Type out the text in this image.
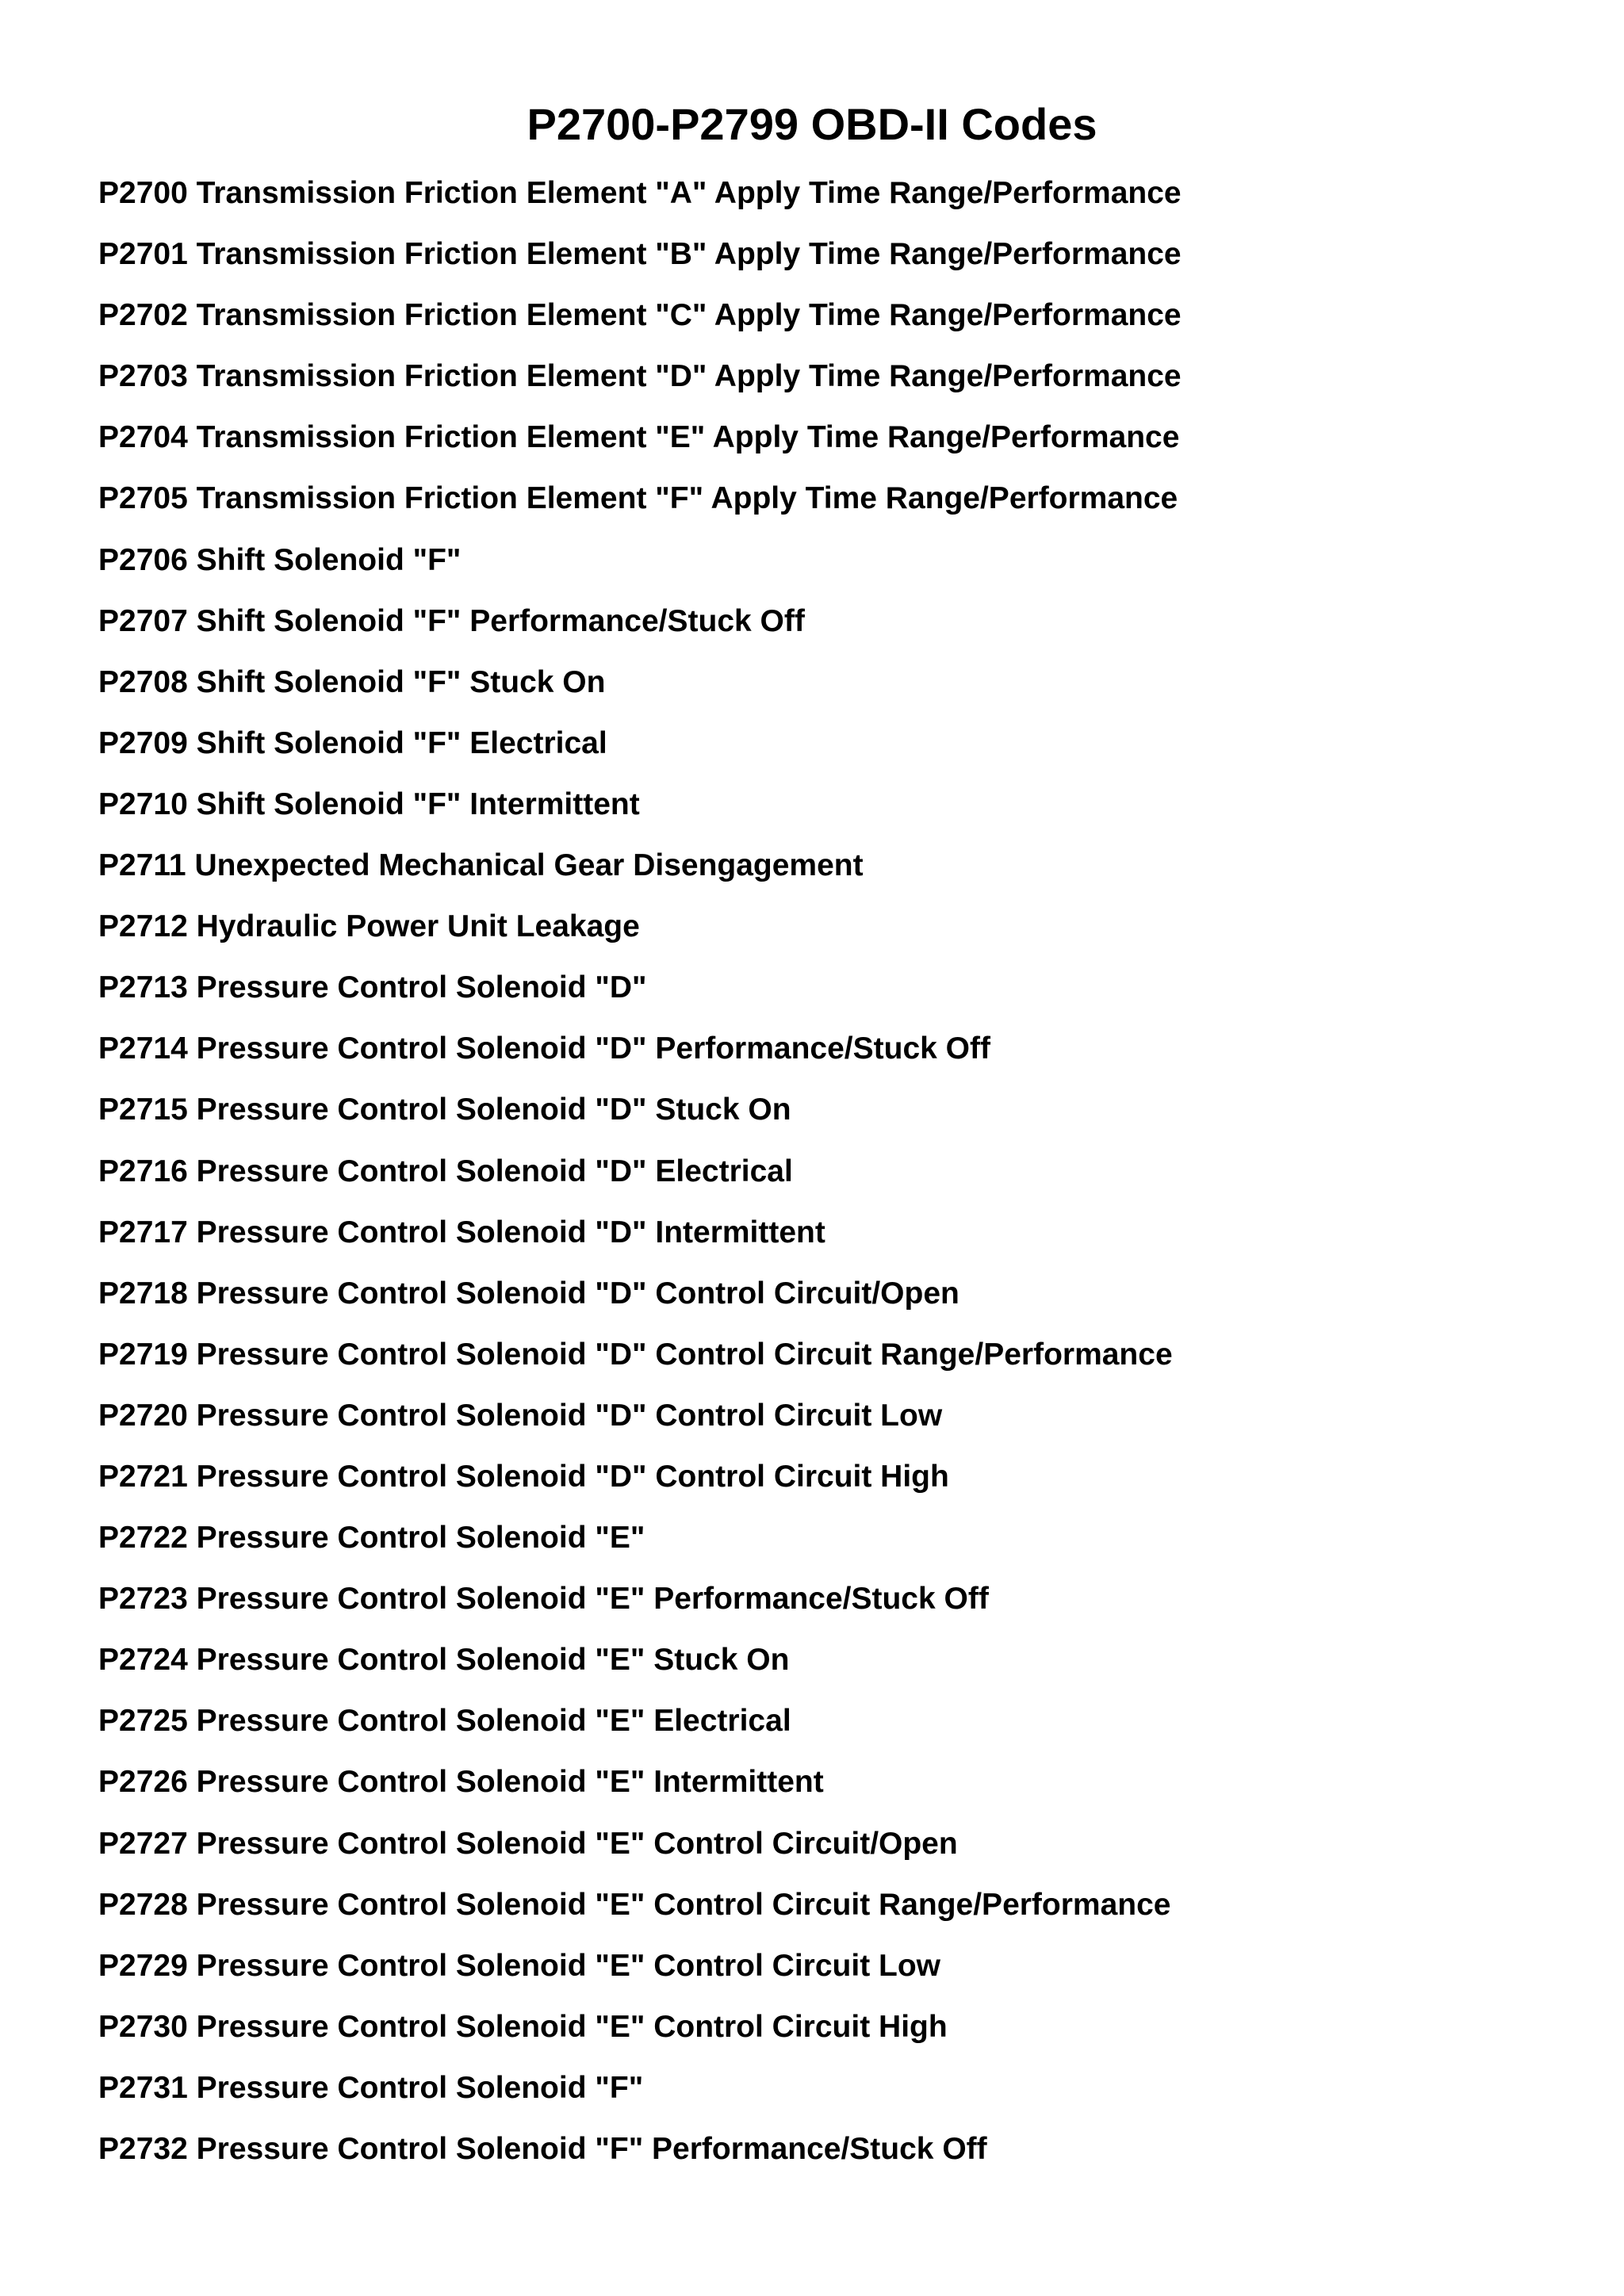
P2700-P2799 OBD-II Codes
P2700 Transmission Friction Element "A" Apply Time Range/Performance
P2701 Transmission Friction Element "B" Apply Time Range/Performance
P2702 Transmission Friction Element "C" Apply Time Range/Performance
P2703 Transmission Friction Element "D" Apply Time Range/Performance
P2704 Transmission Friction Element "E" Apply Time Range/Performance
P2705 Transmission Friction Element "F" Apply Time Range/Performance
P2706 Shift Solenoid "F"
P2707 Shift Solenoid "F" Performance/Stuck Off
P2708 Shift Solenoid "F" Stuck On
P2709 Shift Solenoid "F" Electrical
P2710 Shift Solenoid "F" Intermittent
P2711 Unexpected Mechanical Gear Disengagement
P2712 Hydraulic Power Unit Leakage
P2713 Pressure Control Solenoid "D"
P2714 Pressure Control Solenoid "D" Performance/Stuck Off
P2715 Pressure Control Solenoid "D" Stuck On
P2716 Pressure Control Solenoid "D" Electrical
P2717 Pressure Control Solenoid "D" Intermittent
P2718 Pressure Control Solenoid "D" Control Circuit/Open
P2719 Pressure Control Solenoid "D" Control Circuit Range/Performance
P2720 Pressure Control Solenoid "D" Control Circuit Low
P2721 Pressure Control Solenoid "D" Control Circuit High
P2722 Pressure Control Solenoid "E"
P2723 Pressure Control Solenoid "E" Performance/Stuck Off
P2724 Pressure Control Solenoid "E" Stuck On
P2725 Pressure Control Solenoid "E" Electrical
P2726 Pressure Control Solenoid "E" Intermittent
P2727 Pressure Control Solenoid "E" Control Circuit/Open
P2728 Pressure Control Solenoid "E" Control Circuit Range/Performance
P2729 Pressure Control Solenoid "E" Control Circuit Low
P2730 Pressure Control Solenoid "E" Control Circuit High
P2731 Pressure Control Solenoid "F"
P2732 Pressure Control Solenoid "F" Performance/Stuck Off
